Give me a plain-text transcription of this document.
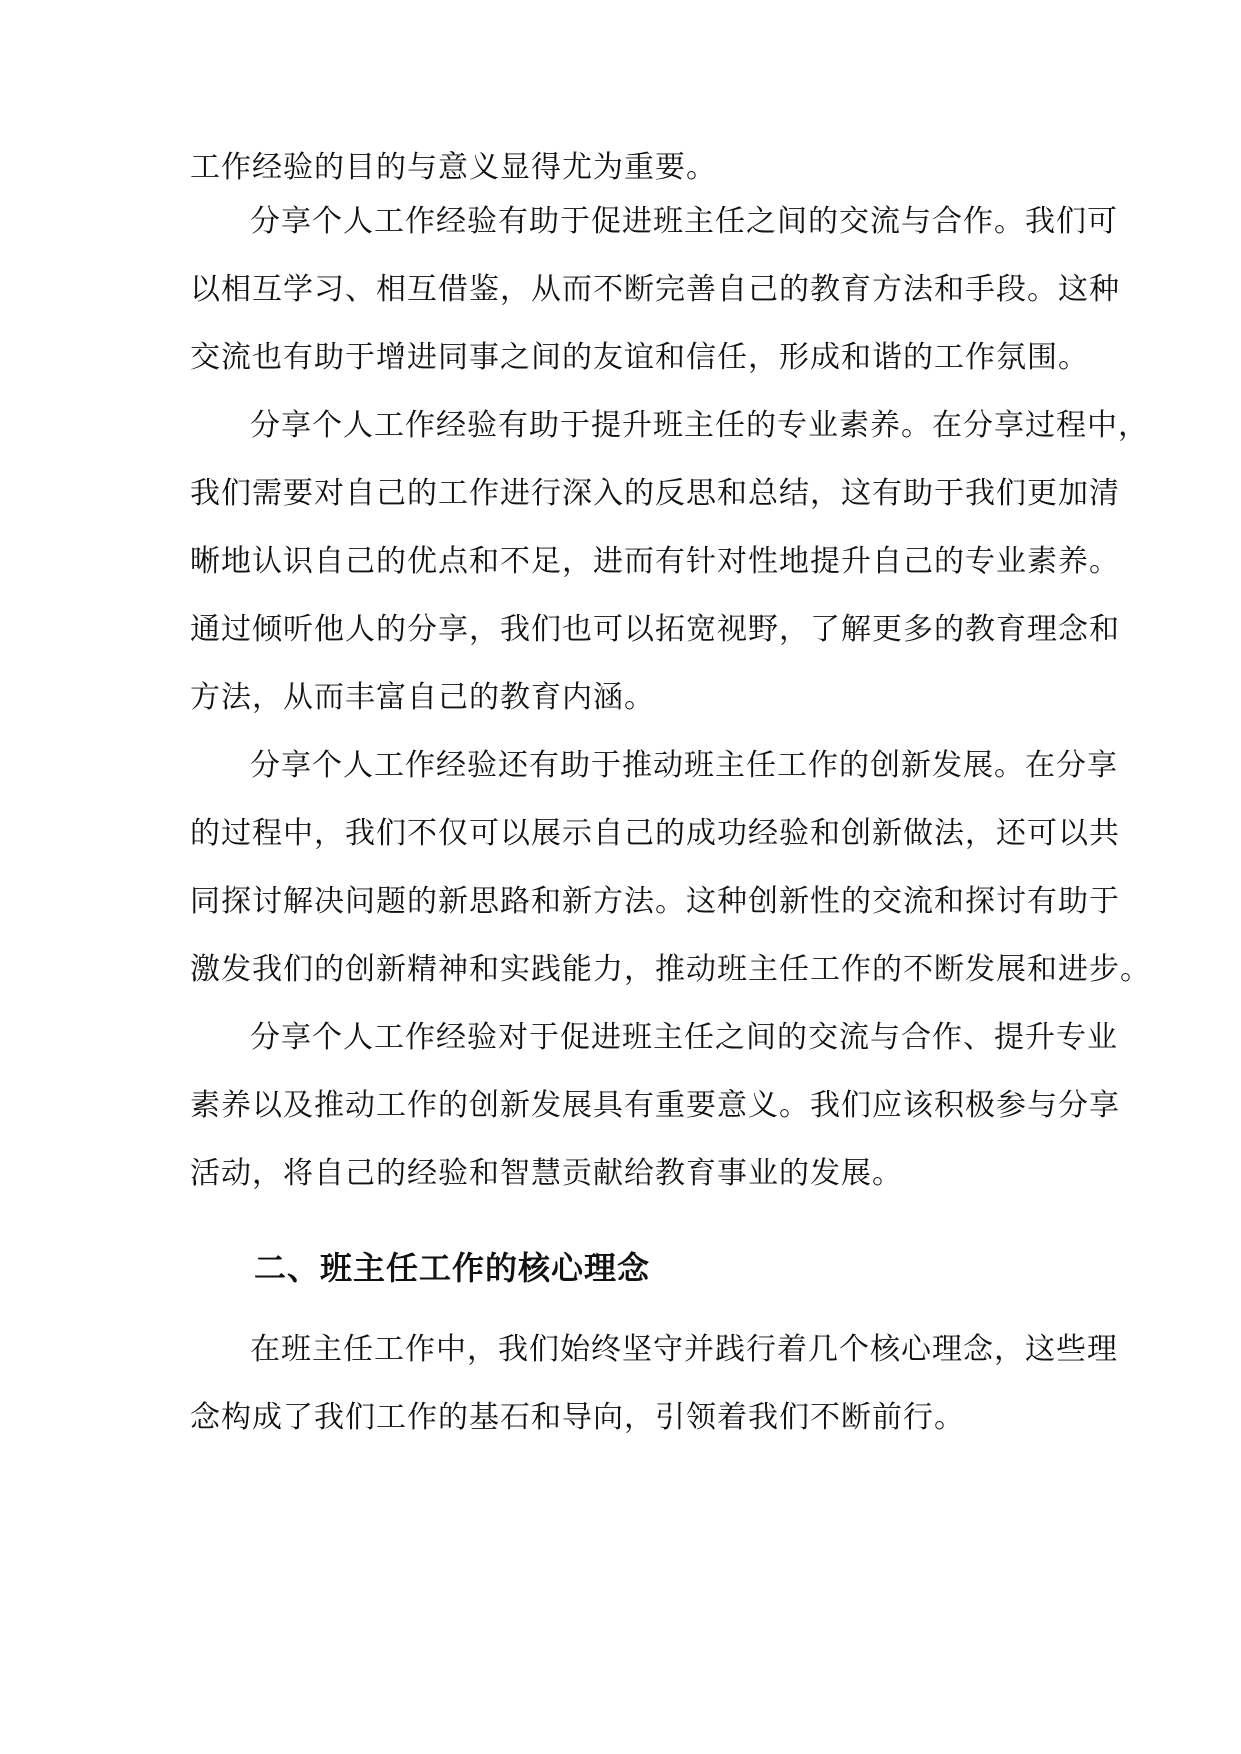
工作经验的目的与意义显得尤为重要。
分享个人工作经验有助于促进班主任之间的交流与合作。我们可
以相互学习、相互借鉴，从而不断完善自己的教育方法和手段。这种
交流也有助于增进同事之间的友谊和信任，形成和谐的工作氛围。
分享个人工作经验有助于提升班主任的专业素养。在分享过程中，
我们需要对自己的工作进行深入的反思和总结，这有助于我们更加清
晰地认识自己的优点和不足，进而有针对性地提升自己的专业素养。
通过倾听他人的分享，我们也可以拓宽视野，了解更多的教育理念和
方法，从而丰富自己的教育内涵。
分享个人工作经验还有助于推动班主任工作的创新发展。在分享
的过程中，我们不仅可以展示自己的成功经验和创新做法，还可以共
同探讨解决问题的新思路和新方法。这种创新性的交流和探讨有助于
激发我们的创新精神和实践能力，推动班主任工作的不断发展和进步。
分享个人工作经验对于促进班主任之间的交流与合作、提升专业
素养以及推动工作的创新发展具有重要意义。我们应该积极参与分享
活动，将自己的经验和智慧贡献给教育事业的发展。
二、班主任工作的核心理念
在班主任工作中，我们始终坚守并践行着几个核心理念，这些理
念构成了我们工作的基石和导向，引领着我们不断前行。
